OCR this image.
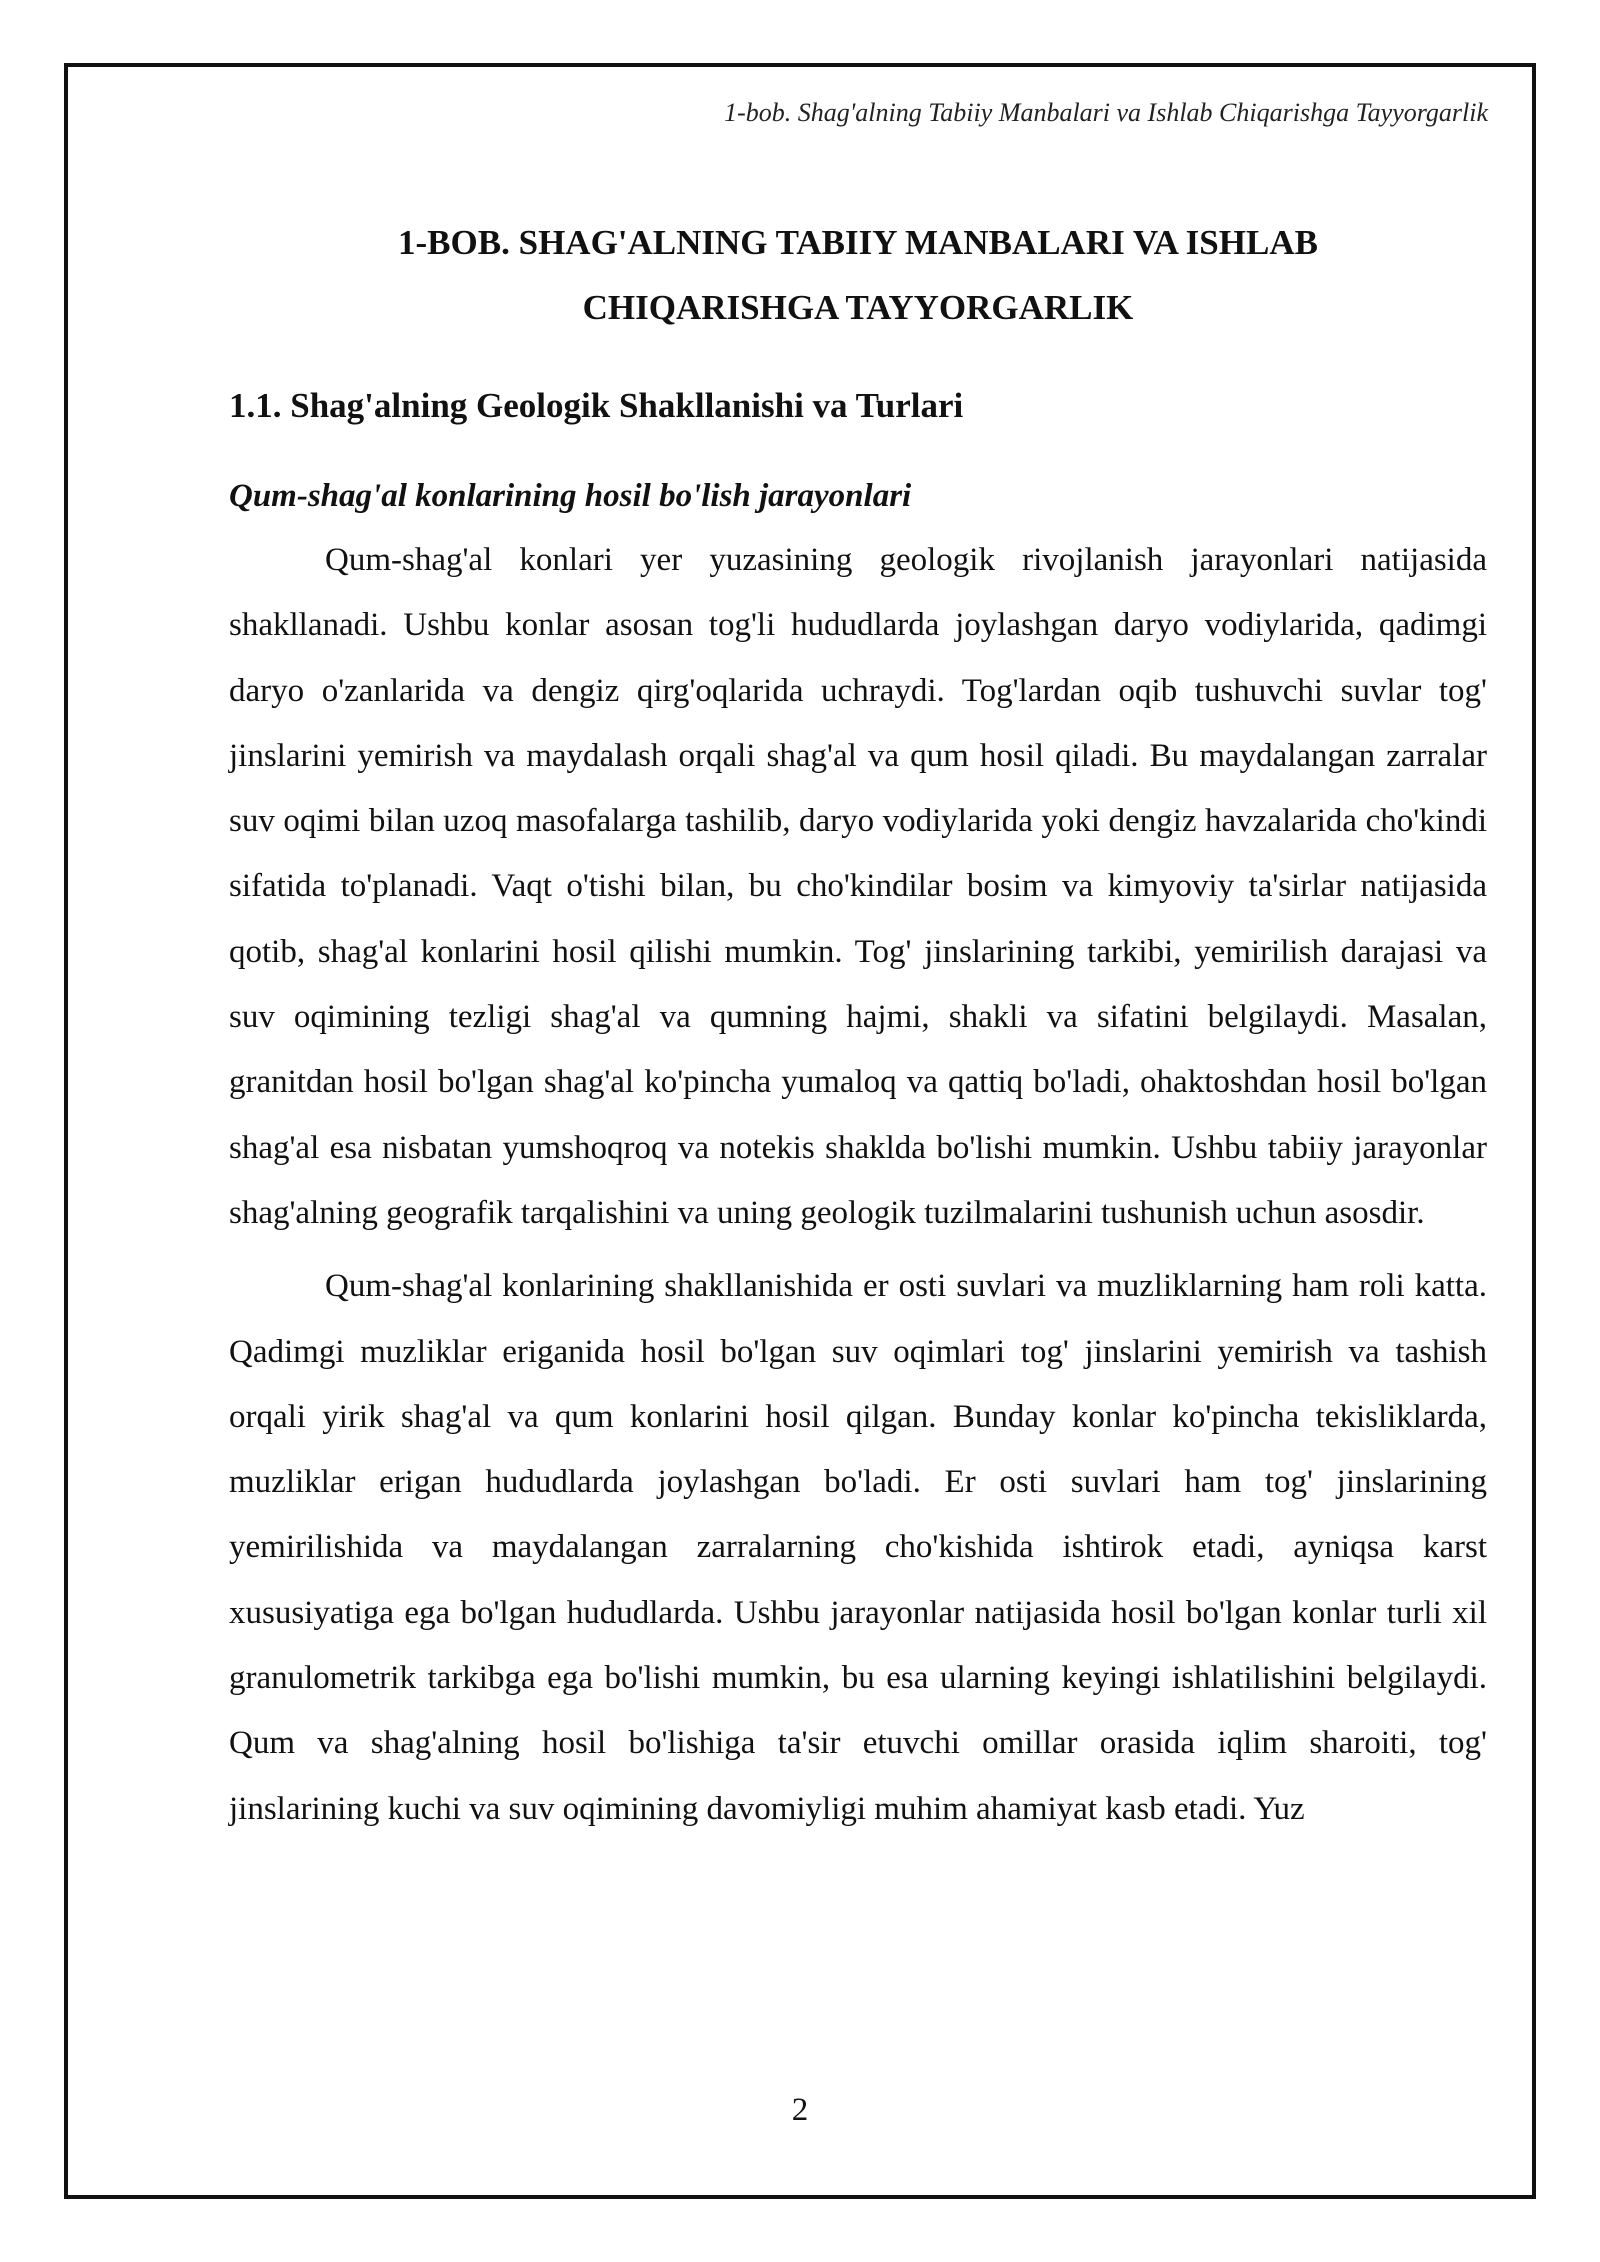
1-bob. Shag'alning Tabiiy Manbalari va Ishlab Chiqarishga Tayyorgarlik
1-BOB. SHAG'ALNING TABIIY MANBALARI VA ISHLAB
CHIQARISHGA TAYYORGARLIK
1.1. Shag'alning Geologik Shakllanishi va Turlari
Qum-shag'al konlarining hosil bo'lish jarayonlari

Qum-shag'al konlari yer yuzasining geologik rivojlanish jarayonlari natijasida shakllanadi. Ushbu konlar asosan tog'li hududlarda joylashgan daryo vodiylarida, qadimgi daryo o'zanlarida va dengiz qirg'oqlarida uchraydi. Tog'lardan oqib tushuvchi suvlar tog' jinslarini yemirish va maydalash orqali shag'al va qum hosil qiladi. Bu maydalangan zarralar suv oqimi bilan uzoq masofalarga tashilib, daryo vodiylarida yoki dengiz havzalarida cho'kindi sifatida to'planadi. Vaqt o'tishi bilan, bu cho'kindilar bosim va kimyoviy ta'sirlar natijasida qotib, shag'al konlarini hosil qilishi mumkin. Tog' jinslarining tarkibi, yemirilish darajasi va suv oqimining tezligi shag'al va qumning hajmi, shakli va sifatini belgilaydi. Masalan, granitdan hosil bo'lgan shag'al ko'pincha yumaloq va qattiq bo'ladi, ohaktoshdan hosil bo'lgan shag'al esa nisbatan yumshoqroq va notekis shaklda bo'lishi mumkin. Ushbu tabiiy jarayonlar shag'alning geografik tarqalishini va uning geologik tuzilmalarini tushunish uchun asosdir.

Qum-shag'al konlarining shakllanishida er osti suvlari va muzliklarning ham roli katta. Qadimgi muzliklar eriganida hosil bo'lgan suv oqimlari tog' jinslarini yemirish va tashish orqali yirik shag'al va qum konlarini hosil qilgan. Bunday konlar ko'pincha tekisliklarda, muzliklar erigan hududlarda joylashgan bo'ladi. Er osti suvlari ham tog' jinslarining yemirilishida va maydalangan zarralarning cho'kishida ishtirok etadi, ayniqsa karst xususiyatiga ega bo'lgan hududlarda. Ushbu jarayonlar natijasida hosil bo'lgan konlar turli xil granulometrik tarkibga ega bo'lishi mumkin, bu esa ularning keyingi ishlatilishini belgilaydi. Qum va shag'alning hosil bo'lishiga ta'sir etuvchi omillar orasida iqlim sharoiti, tog' jinslarining kuchi va suv oqimining davomiyligi muhim ahamiyat kasb etadi. Yuz

2
